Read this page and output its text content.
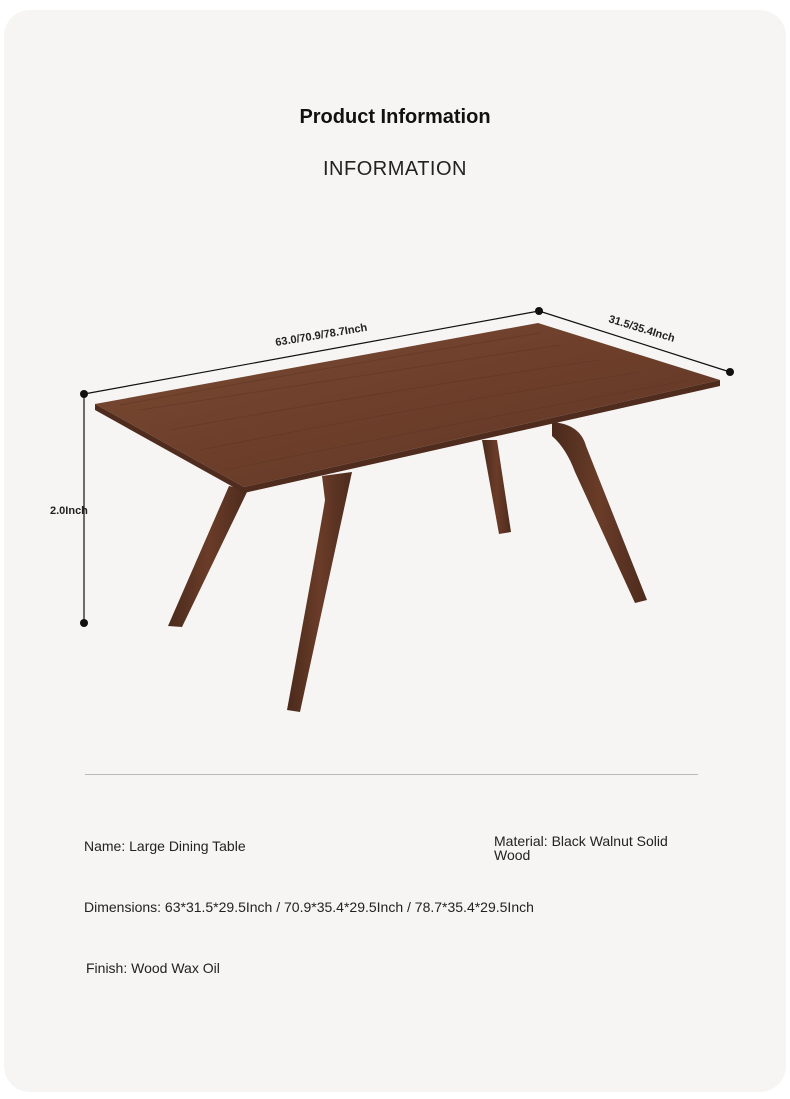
Product Information
INFORMATION
63.0/70.9/78.7Inch	31.5/35.4Inch
2.0Inch
Name: Large Dining Table	Material: Black Walnut Solid Wood
Dimensions: 63*31.5*29.5Inch / 70.9*35.4*29.5Inch / 78.7*35.4*29.5Inch
Finish: Wood Wax Oil
